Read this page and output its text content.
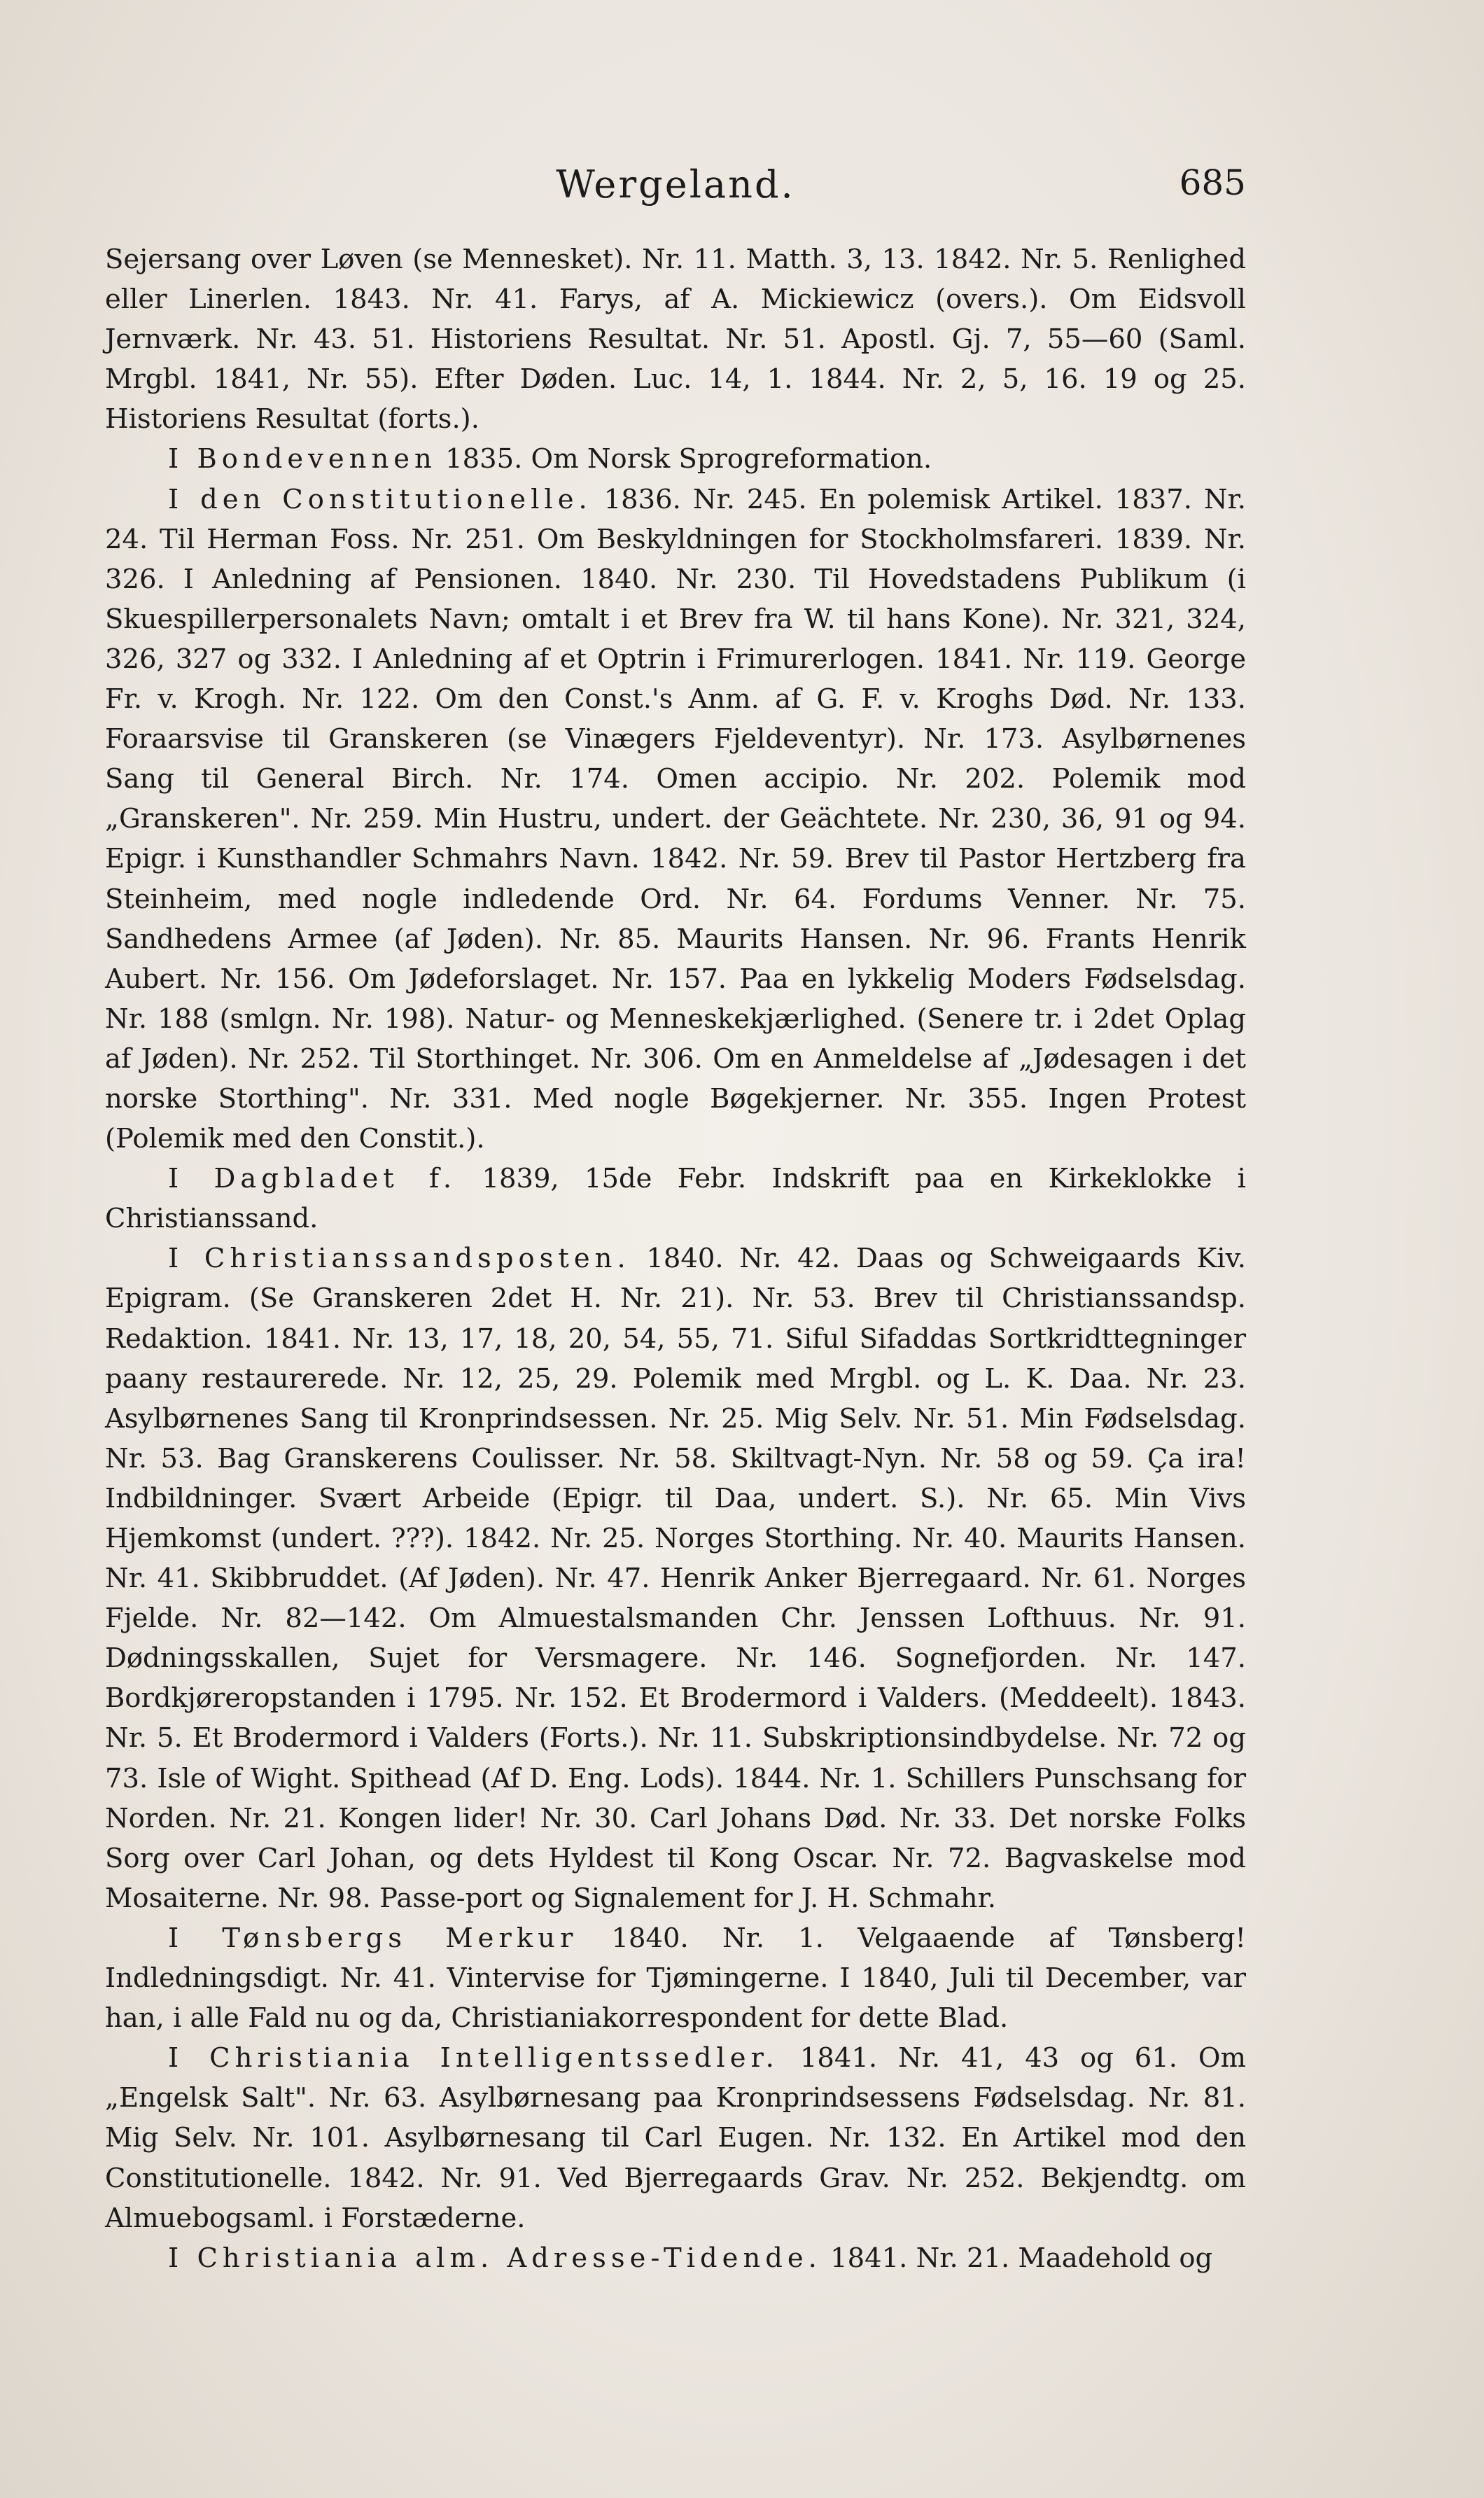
Wergeland.	685

Sejersang over Løven (se Mennesket). Nr. 11. Matth. 3, 13. 1842. Nr. 5. Renlighed eller Linerlen. 1843. Nr. 41. Farys, af A. Mickiewicz (overs.). Om Eidsvoll Jernværk. Nr. 43. 51. Historiens Resultat. Nr. 51. Apostl. Gj. 7, 55—60 (Saml. Mrgbl. 1841, Nr. 55). Efter Døden. Luc. 14, 1. 1844. Nr. 2, 5, 16. 19 og 25. Historiens Resultat (forts.).

I Bondevennen 1835. Om Norsk Sprogreformation.

I den Constitutionelle. 1836. Nr. 245. En polemisk Artikel. 1837. Nr. 24. Til Herman Foss. Nr. 251. Om Beskyldningen for Stockholmsfareri. 1839. Nr. 326. I Anledning af Pensionen. 1840. Nr. 230. Til Hovedstadens Publikum (i Skuespillerpersonalets Navn; omtalt i et Brev fra W. til hans Kone). Nr. 321, 324, 326, 327 og 332. I Anledning af et Optrin i Frimurerlogen. 1841. Nr. 119. George Fr. v. Krogh. Nr. 122. Om den Const.'s Anm. af G. F. v. Kroghs Død. Nr. 133. Foraarsvise til Granskeren (se Vinægers Fjeldeventyr). Nr. 173. Asylbørnenes Sang til General Birch. Nr. 174. Omen accipio. Nr. 202. Polemik mod „Granskeren". Nr. 259. Min Hustru, undert. der Geächtete. Nr. 230, 36, 91 og 94. Epigr. i Kunsthandler Schmahrs Navn. 1842. Nr. 59. Brev til Pastor Hertzberg fra Steinheim, med nogle indledende Ord. Nr. 64. Fordums Venner. Nr. 75. Sandhedens Armee (af Jøden). Nr. 85. Maurits Hansen. Nr. 96. Frants Henrik Aubert. Nr. 156. Om Jødeforslaget. Nr. 157. Paa en lykkelig Moders Fødselsdag. Nr. 188 (smlgn. Nr. 198). Natur- og Menneskekjærlighed. (Senere tr. i 2det Oplag af Jøden). Nr. 252. Til Storthinget. Nr. 306. Om en Anmeldelse af „Jødesagen i det norske Storthing". Nr. 331. Med nogle Bøgekjerner. Nr. 355. Ingen Protest (Polemik med den Constit.).

I Dagbladet f. 1839, 15de Febr. Indskrift paa en Kirkeklokke i Christianssand.

I Christianssandsposten. 1840. Nr. 42. Daas og Schweigaards Kiv. Epigram. (Se Granskeren 2det H. Nr. 21). Nr. 53. Brev til Christianssandsp. Redaktion. 1841. Nr. 13, 17, 18, 20, 54, 55, 71. Siful Sifaddas Sortkridttegninger paany restaurerede. Nr. 12, 25, 29. Polemik med Mrgbl. og L. K. Daa. Nr. 23. Asylbørnenes Sang til Kronprindsessen. Nr. 25. Mig Selv. Nr. 51. Min Fødselsdag. Nr. 53. Bag Granskerens Coulisser. Nr. 58. Skiltvagt-Nyn. Nr. 58 og 59. Ça ira! Indbildninger. Svært Arbeide (Epigr. til Daa, undert. S.). Nr. 65. Min Vivs Hjemkomst (undert. ???). 1842. Nr. 25. Norges Storthing. Nr. 40. Maurits Hansen. Nr. 41. Skibbruddet. (Af Jøden). Nr. 47. Henrik Anker Bjerregaard. Nr. 61. Norges Fjelde. Nr. 82—142. Om Almuestalsmanden Chr. Jenssen Lofthuus. Nr. 91. Dødningsskallen, Sujet for Versmagere. Nr. 146. Sognefjorden. Nr. 147. Bordkjøreropstanden i 1795. Nr. 152. Et Brodermord i Valders. (Meddeelt). 1843. Nr. 5. Et Brodermord i Valders (Forts.). Nr. 11. Subskriptionsindbydelse. Nr. 72 og 73. Isle of Wight. Spithead (Af D. Eng. Lods). 1844. Nr. 1. Schillers Punschsang for Norden. Nr. 21. Kongen lider! Nr. 30. Carl Johans Død. Nr. 33. Det norske Folks Sorg over Carl Johan, og dets Hyldest til Kong Oscar. Nr. 72. Bagvaskelse mod Mosaiterne. Nr. 98. Passe-port og Signalement for J. H. Schmahr.

I Tønsbergs Merkur 1840. Nr. 1. Velgaaende af Tønsberg! Indledningsdigt. Nr. 41. Vintervise for Tjømingerne. I 1840, Juli til December, var han, i alle Fald nu og da, Christianiakorrespondent for dette Blad.

I Christiania Intelligentssedler. 1841. Nr. 41, 43 og 61. Om „Engelsk Salt". Nr. 63. Asylbørnesang paa Kronprindsessens Fødselsdag. Nr. 81. Mig Selv. Nr. 101. Asylbørnesang til Carl Eugen. Nr. 132. En Artikel mod den Constitutionelle. 1842. Nr. 91. Ved Bjerregaards Grav. Nr. 252. Bekjendtg. om Almuebogsaml. i Forstæderne.

I Christiania alm. Adresse-Tidende. 1841. Nr. 21. Maadehold og
